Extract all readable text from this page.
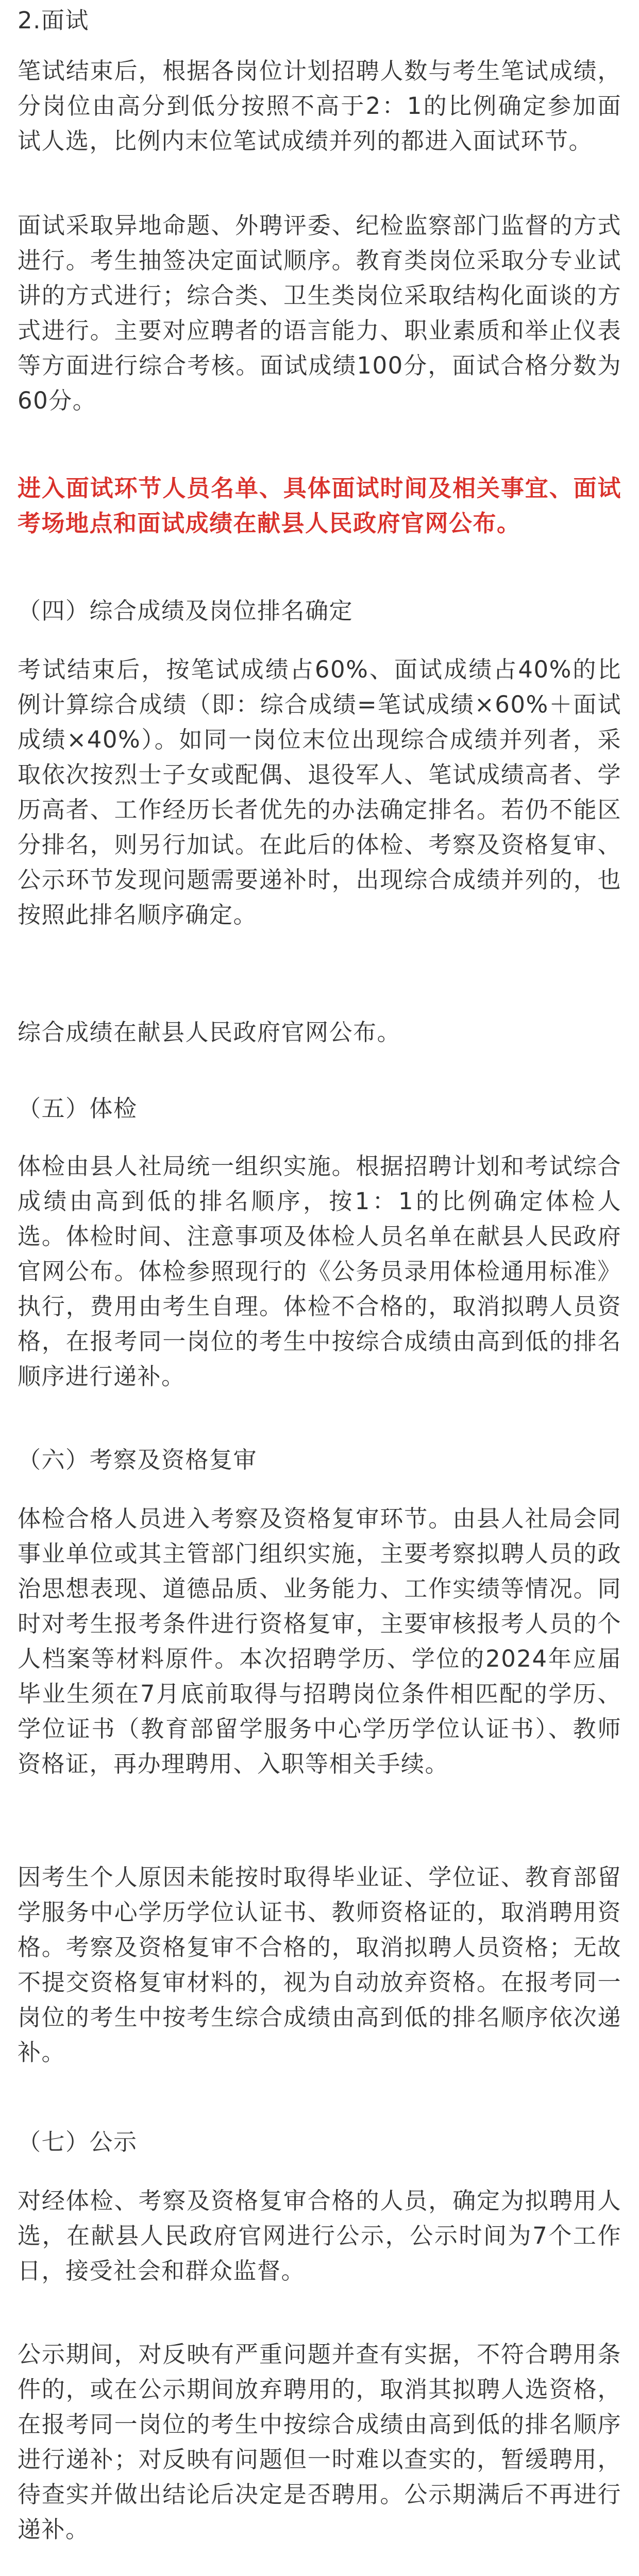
2.面试

笔试结束后，根据各岗位计划招聘人数与考生笔试成绩，分岗位由高分到低分按照不高于2：1的比例确定参加面试人选，比例内末位笔试成绩并列的都进入面试环节。

面试采取异地命题、外聘评委、纪检监察部门监督的方式进行。考生抽签决定面试顺序。教育类岗位采取分专业试讲的方式进行；综合类、卫生类岗位采取结构化面谈的方式进行。主要对应聘者的语言能力、职业素质和举止仪表等方面进行综合考核。面试成绩100分，面试合格分数为60分。

进入面试环节人员名单、具体面试时间及相关事宜、面试考场地点和面试成绩在献县人民政府官网公布。

（四）综合成绩及岗位排名确定

考试结束后，按笔试成绩占60%、面试成绩占40%的比例计算综合成绩（即：综合成绩=笔试成绩×60%＋面试成绩×40%）。如同一岗位末位出现综合成绩并列者，采取依次按烈士子女或配偶、退役军人、笔试成绩高者、学历高者、工作经历长者优先的办法确定排名。若仍不能区分排名，则另行加试。在此后的体检、考察及资格复审、公示环节发现问题需要递补时，出现综合成绩并列的，也按照此排名顺序确定。

综合成绩在献县人民政府官网公布。

（五）体检

体检由县人社局统一组织实施。根据招聘计划和考试综合成绩由高到低的排名顺序，按1：1的比例确定体检人选。体检时间、注意事项及体检人员名单在献县人民政府官网公布。体检参照现行的《公务员录用体检通用标准》执行，费用由考生自理。体检不合格的，取消拟聘人员资格，在报考同一岗位的考生中按综合成绩由高到低的排名顺序进行递补。

（六）考察及资格复审

体检合格人员进入考察及资格复审环节。由县人社局会同事业单位或其主管部门组织实施，主要考察拟聘人员的政治思想表现、道德品质、业务能力、工作实绩等情况。同时对考生报考条件进行资格复审，主要审核报考人员的个人档案等材料原件。本次招聘学历、学位的2024年应届毕业生须在7月底前取得与招聘岗位条件相匹配的学历、学位证书（教育部留学服务中心学历学位认证书）、教师资格证，再办理聘用、入职等相关手续。

因考生个人原因未能按时取得毕业证、学位证、教育部留学服务中心学历学位认证书、教师资格证的，取消聘用资格。考察及资格复审不合格的，取消拟聘人员资格；无故不提交资格复审材料的，视为自动放弃资格。在报考同一岗位的考生中按考生综合成绩由高到低的排名顺序依次递补。

（七）公示

对经体检、考察及资格复审合格的人员，确定为拟聘用人选，在献县人民政府官网进行公示，公示时间为7个工作日，接受社会和群众监督。

公示期间，对反映有严重问题并查有实据，不符合聘用条件的，或在公示期间放弃聘用的，取消其拟聘人选资格，在报考同一岗位的考生中按综合成绩由高到低的排名顺序进行递补；对反映有问题但一时难以查实的，暂缓聘用，待查实并做出结论后决定是否聘用。公示期满后不再进行递补。
